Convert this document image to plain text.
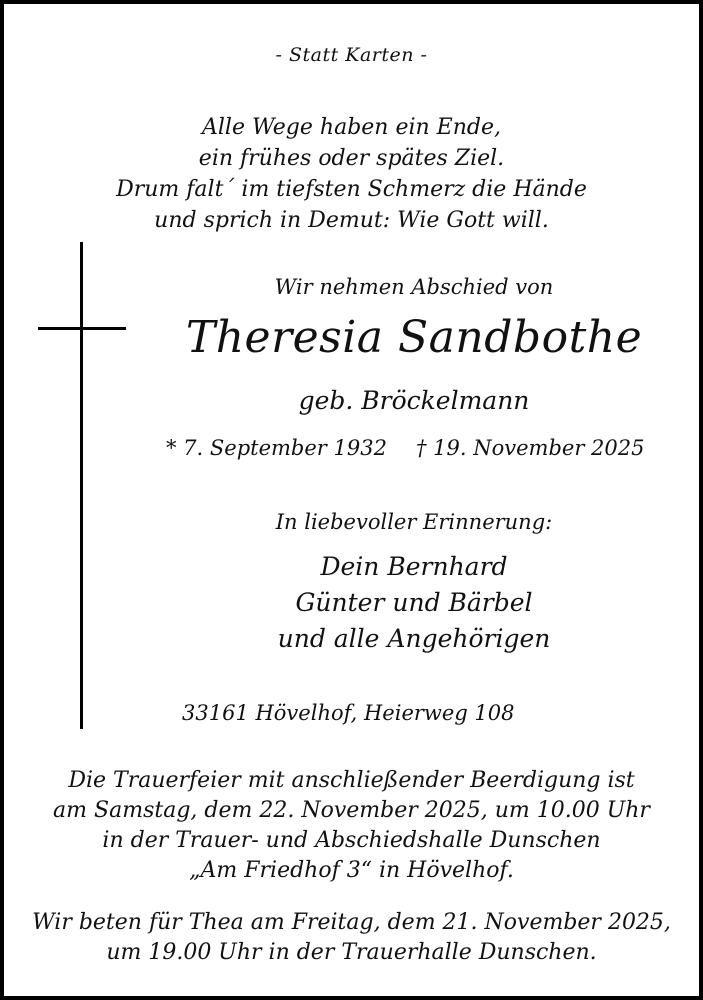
- Statt Karten -
Alle Wege haben ein Ende,
ein frühes oder spätes Ziel.
Drum falt´ im tiefsten Schmerz die Hände
und sprich in Demut: Wie Gott will.
Wir nehmen Abschied von
Theresia Sandbothe
geb. Bröckelmann
* 7. September 1932 † 19. November 2025
In liebevoller Erinnerung:
Dein Bernhard
Günter und Bärbel
und alle Angehörigen
33161 Hövelhof, Heierweg 108
Die Trauerfeier mit anschließender Beerdigung ist
am Samstag, dem 22. November 2025, um 10.00 Uhr
in der Trauer- und Abschiedshalle Dunschen
„Am Friedhof 3“ in Hövelhof.
Wir beten für Thea am Freitag, dem 21. November 2025,
um 19.00 Uhr in der Trauerhalle Dunschen.
